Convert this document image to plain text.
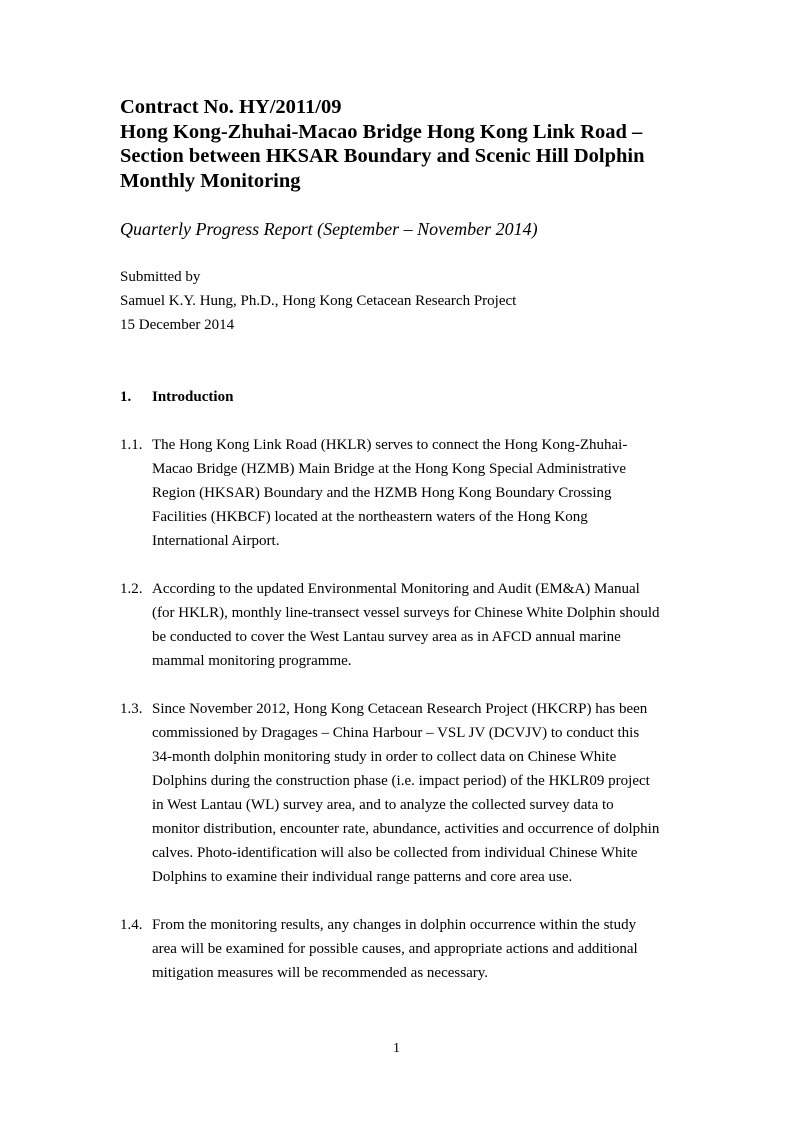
Contract No. HY/2011/09
Hong Kong-Zhuhai-Macao Bridge Hong Kong Link Road –
Section between HKSAR Boundary and Scenic Hill Dolphin
Monthly Monitoring
Quarterly Progress Report (September – November 2014)
Submitted by
Samuel K.Y. Hung, Ph.D., Hong Kong Cetacean Research Project
15 December 2014
1. Introduction
1.1. The Hong Kong Link Road (HKLR) serves to connect the Hong Kong-Zhuhai-
Macao Bridge (HZMB) Main Bridge at the Hong Kong Special Administrative
Region (HKSAR) Boundary and the HZMB Hong Kong Boundary Crossing
Facilities (HKBCF) located at the northeastern waters of the Hong Kong
International Airport.
1.2. According to the updated Environmental Monitoring and Audit (EM&A) Manual
(for HKLR), monthly line-transect vessel surveys for Chinese White Dolphin should
be conducted to cover the West Lantau survey area as in AFCD annual marine
mammal monitoring programme.
1.3. Since November 2012, Hong Kong Cetacean Research Project (HKCRP) has been
commissioned by Dragages – China Harbour – VSL JV (DCVJV) to conduct this
34-month dolphin monitoring study in order to collect data on Chinese White
Dolphins during the construction phase (i.e. impact period) of the HKLR09 project
in West Lantau (WL) survey area, and to analyze the collected survey data to
monitor distribution, encounter rate, abundance, activities and occurrence of dolphin
calves. Photo-identification will also be collected from individual Chinese White
Dolphins to examine their individual range patterns and core area use.
1.4. From the monitoring results, any changes in dolphin occurrence within the study
area will be examined for possible causes, and appropriate actions and additional
mitigation measures will be recommended as necessary.
1
